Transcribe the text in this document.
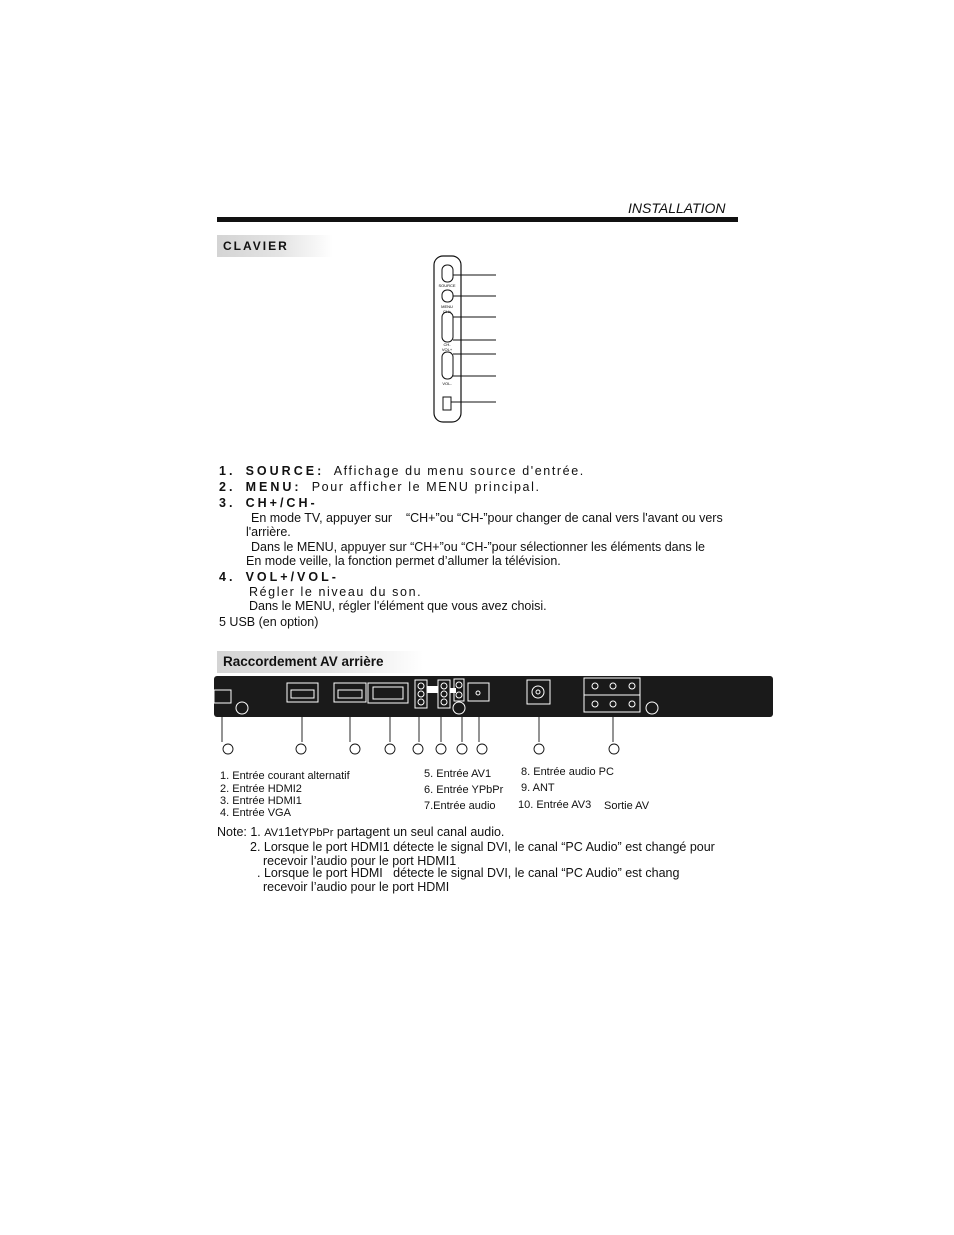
INSTALLATION
CLAVIER
SOURCE
MENU
CH+
CH-
VOL+
VOL-
1. SOURCE: Affichage du menu source d'entrée.
2. MENU: Pour afficher le MENU principal.
3. CH+/CH-
En mode TV, appuyer sur    “CH+”ou “CH-”pour changer de canal vers l'avant ou vers
l'arrière.
Dans le MENU, appuyer sur “CH+”ou “CH-”pour sélectionner les éléments dans le
En mode veille, la fonction permet d’allumer la télévision.
4. VOL+/VOL-
Régler le niveau du son.
Dans le MENU, régler l'élément que vous avez choisi.
5 USB (en option)
Raccordement AV arrière
1. Entrée courant alternatif
2. Entrée HDMI2
3. Entrée HDMI1
4. Entrée VGA
5. Entrée AV1
6. Entrée YPbPr
7.Entrée audio
8. Entrée audio PC
9. ANT
10. Entrée AV3 Sortie AV
Note: 1. AV11etYPbPr partagent un seul canal audio.
2. Lorsque le port HDMI1 détecte le signal DVI, le canal “PC Audio” est changé pour
recevoir l’audio pour le port HDMI1
. Lorsque le port HDMI   détecte le signal DVI, le canal “PC Audio” est chang
recevoir l’audio pour le port HDMI
